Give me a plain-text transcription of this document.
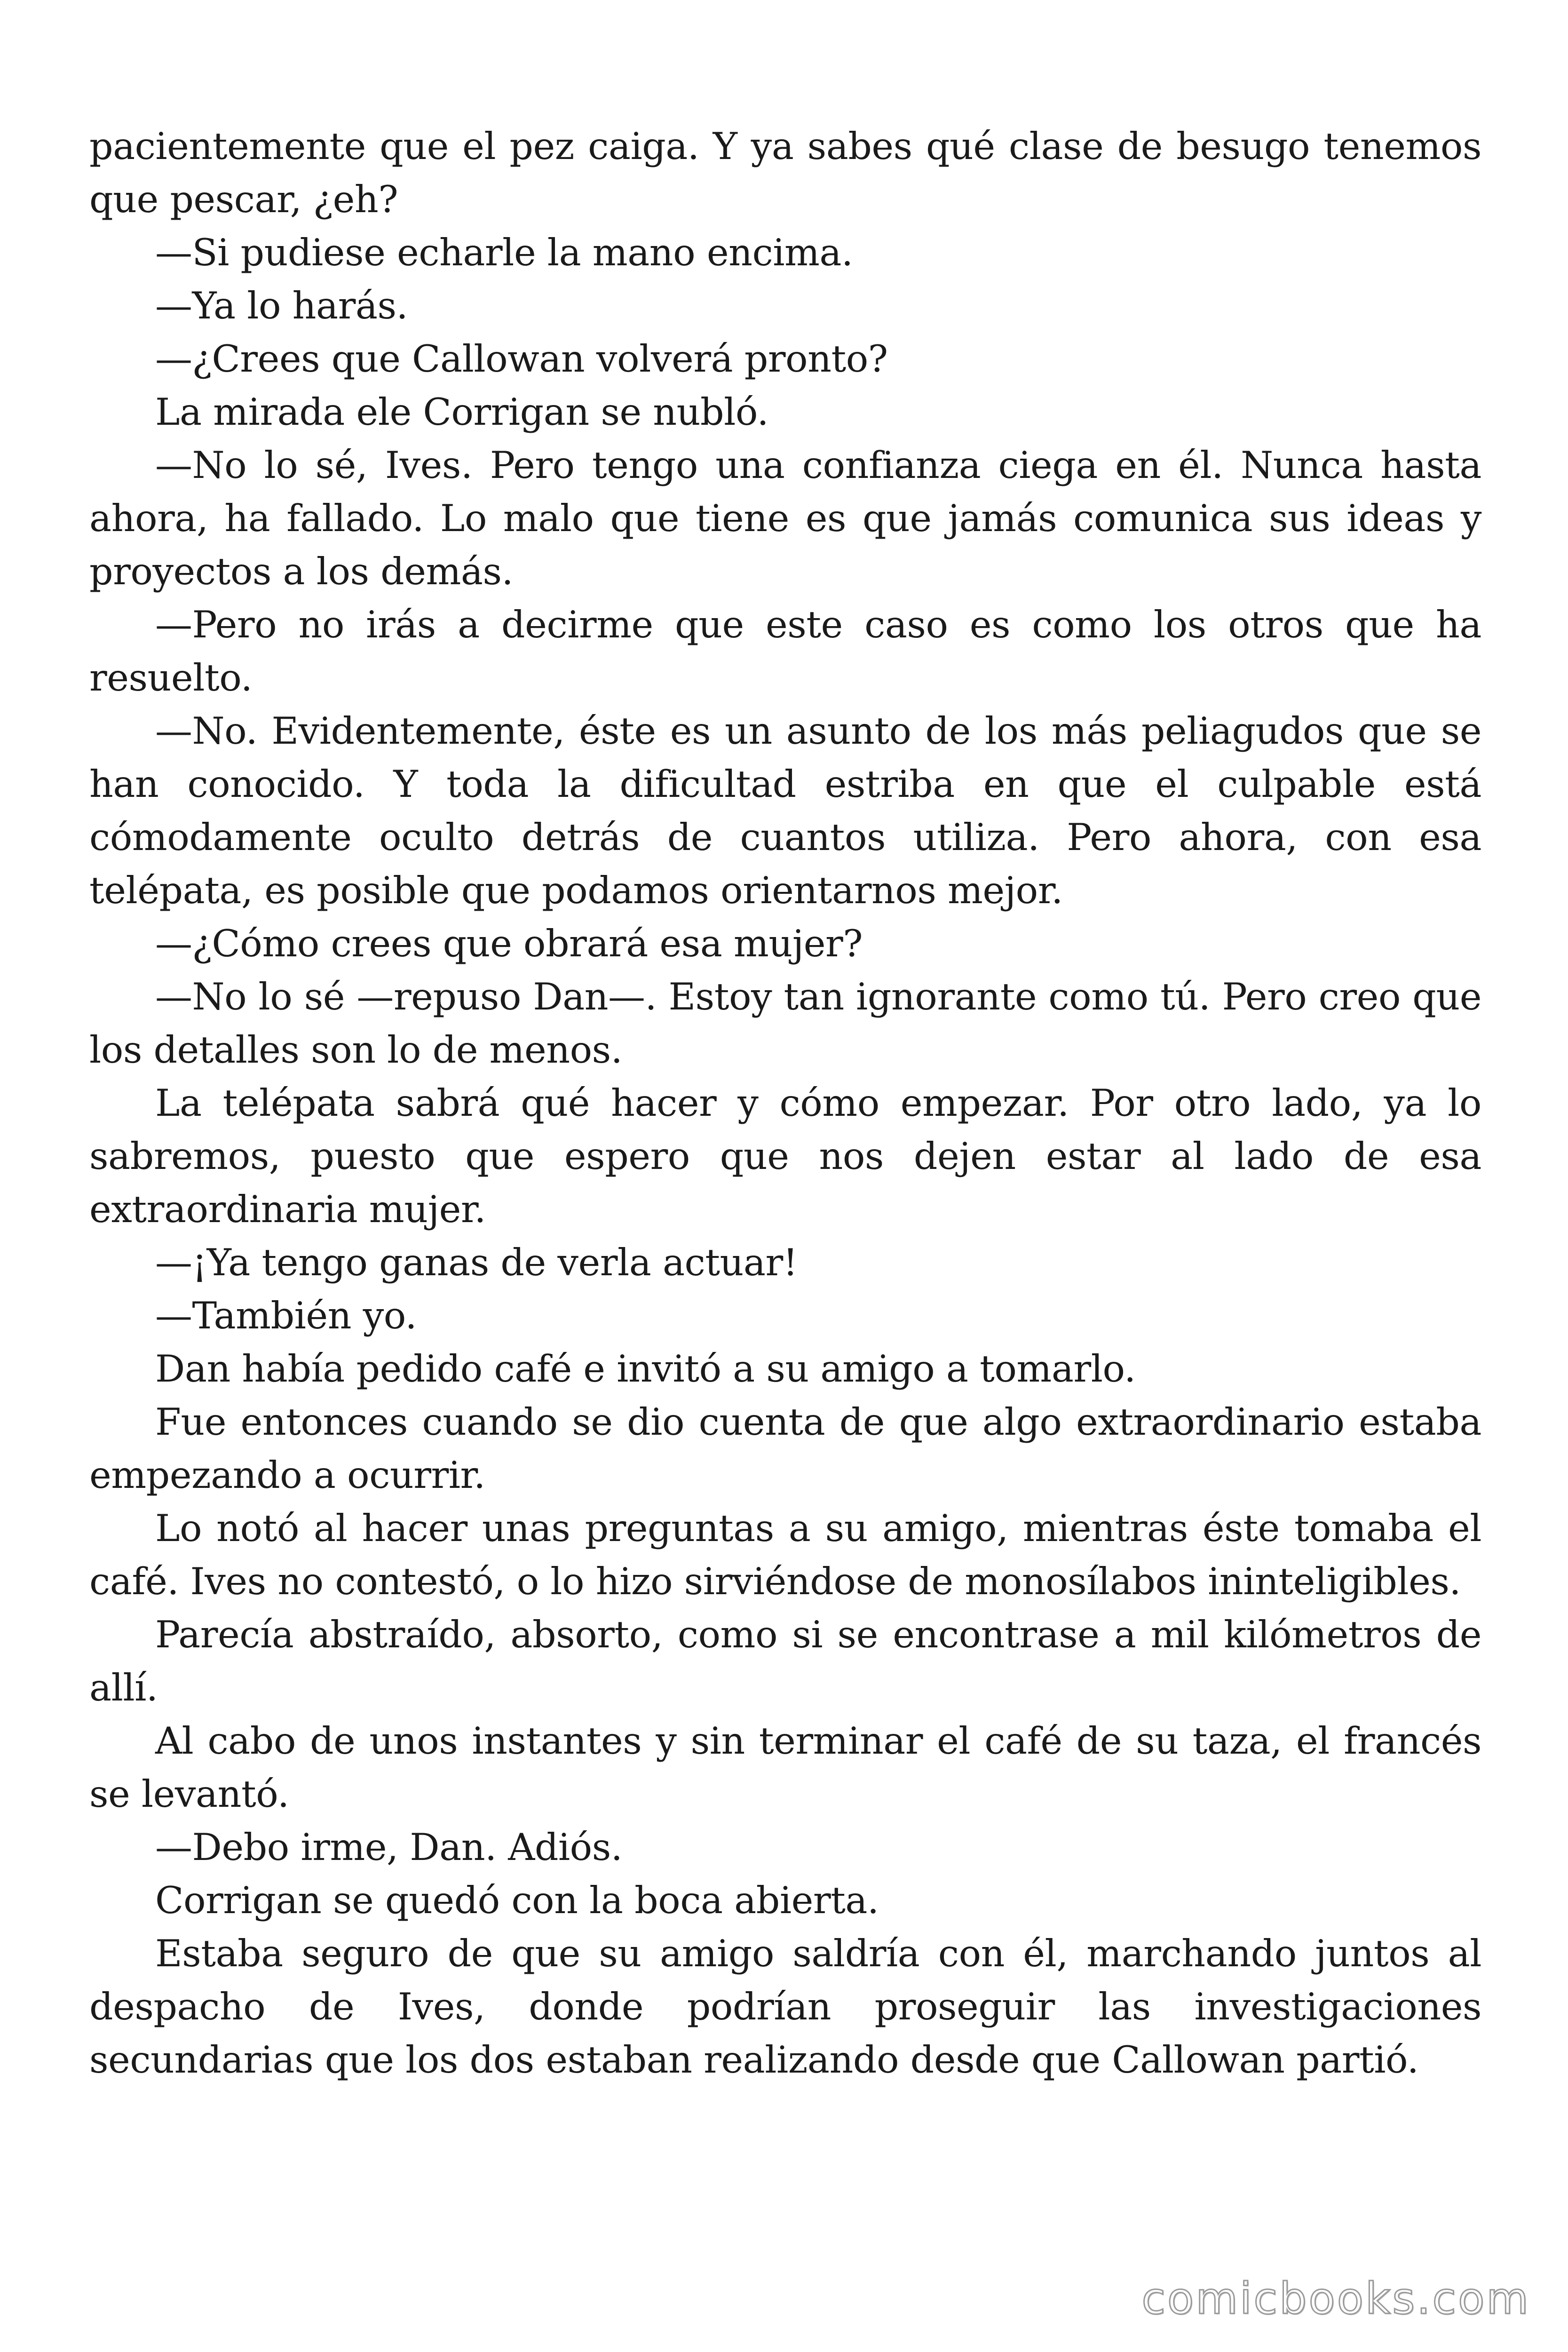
pacientemente que el pez caiga. Y ya sabes qué clase de besugo tenemos que pescar, ¿eh?

—Si pudiese echarle la mano encima.

—Ya lo harás.

—¿Crees que Callowan volverá pronto?

La mirada ele Corrigan se nubló.

—No lo sé, Ives. Pero tengo una confianza ciega en él. Nunca hasta ahora, ha fallado. Lo malo que tiene es que jamás comunica sus ideas y proyectos a los demás.

—Pero no irás a decirme que este caso es como los otros que ha resuelto.

—No. Evidentemente, éste es un asunto de los más peliagudos que se han conocido. Y toda la dificultad estriba en que el culpable está cómodamente oculto detrás de cuantos utiliza. Pero ahora, con esa telépata, es posible que podamos orientarnos mejor.

—¿Cómo crees que obrará esa mujer?

—No lo sé —repuso Dan—. Estoy tan ignorante como tú. Pero creo que los detalles son lo de menos.

La telépata sabrá qué hacer y cómo empezar. Por otro lado, ya lo sabremos, puesto que espero que nos dejen estar al lado de esa extraordinaria mujer.

—¡Ya tengo ganas de verla actuar!

—También yo.

Dan había pedido café e invitó a su amigo a tomarlo.

Fue entonces cuando se dio cuenta de que algo extraordinario estaba empezando a ocurrir.

Lo notó al hacer unas preguntas a su amigo, mientras éste tomaba el café. Ives no contestó, o lo hizo sirviéndose de monosílabos ininteligibles.

Parecía abstraído, absorto, como si se encontrase a mil kilómetros de allí.

Al cabo de unos instantes y sin terminar el café de su taza, el francés se levantó.

—Debo irme, Dan. Adiós.

Corrigan se quedó con la boca abierta.

Estaba seguro de que su amigo saldría con él, marchando juntos al despacho de Ives, donde podrían proseguir las investigaciones secundarias que los dos estaban realizando desde que Callowan partió.

comicbooks.com
